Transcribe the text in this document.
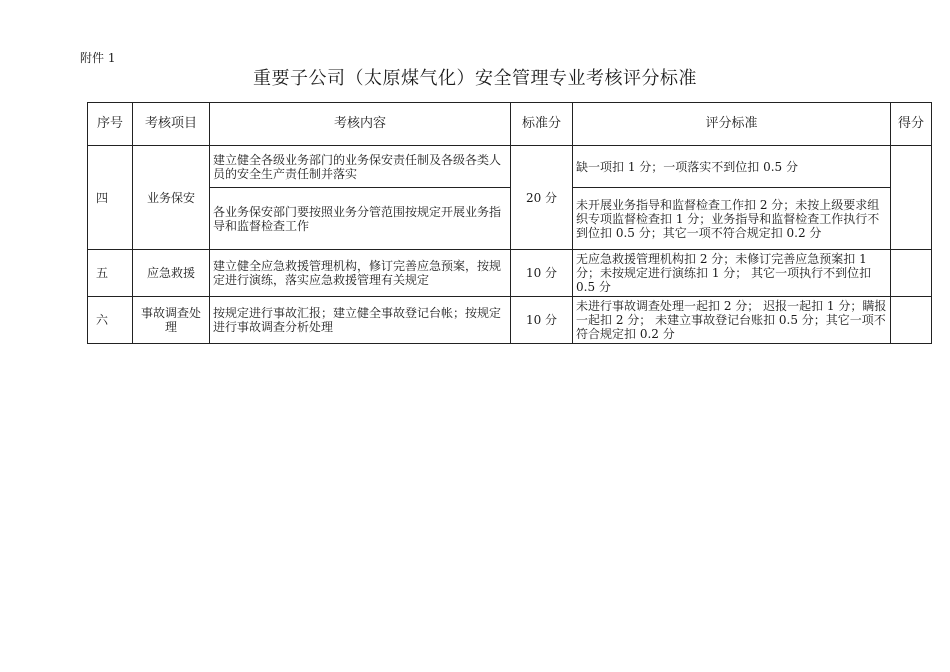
附件 1
重要子公司（太原煤气化）安全管理专业考核评分标准
序号	考核项目	考核内容	标准分	评分标准	得分
四	业务保安	建立健全各级业务部门的业务保安责任制及各级各类人员的安全生产责任制并落实	20 分	缺一项扣 1 分；一项落实不到位扣 0.5 分	
		各业务保安部门要按照业务分管范围按规定开展业务指导和监督检查工作		未开展业务指导和监督检查工作扣 2 分；未按上级要求组织专项监督检查扣 1 分；业务指导和监督检查工作执行不到位扣 0.5 分；其它一项不符合规定扣 0.2 分	
五	应急救援	建立健全应急救援管理机构，修订完善应急预案，按规定进行演练，落实应急救援管理有关规定	10 分	无应急救援管理机构扣 2 分；未修订完善应急预案扣 1 分；未按规定进行演练扣 1 分； 其它一项执行不到位扣 0.5 分	
六	事故调查处理	按规定进行事故汇报；建立健全事故登记台帐；按规定进行事故调查分析处理	10 分	未进行事故调查处理一起扣 2 分； 迟报一起扣 1 分；瞒报一起扣 2 分； 未建立事故登记台账扣 0.5 分；其它一项不符合规定扣 0.2 分	
